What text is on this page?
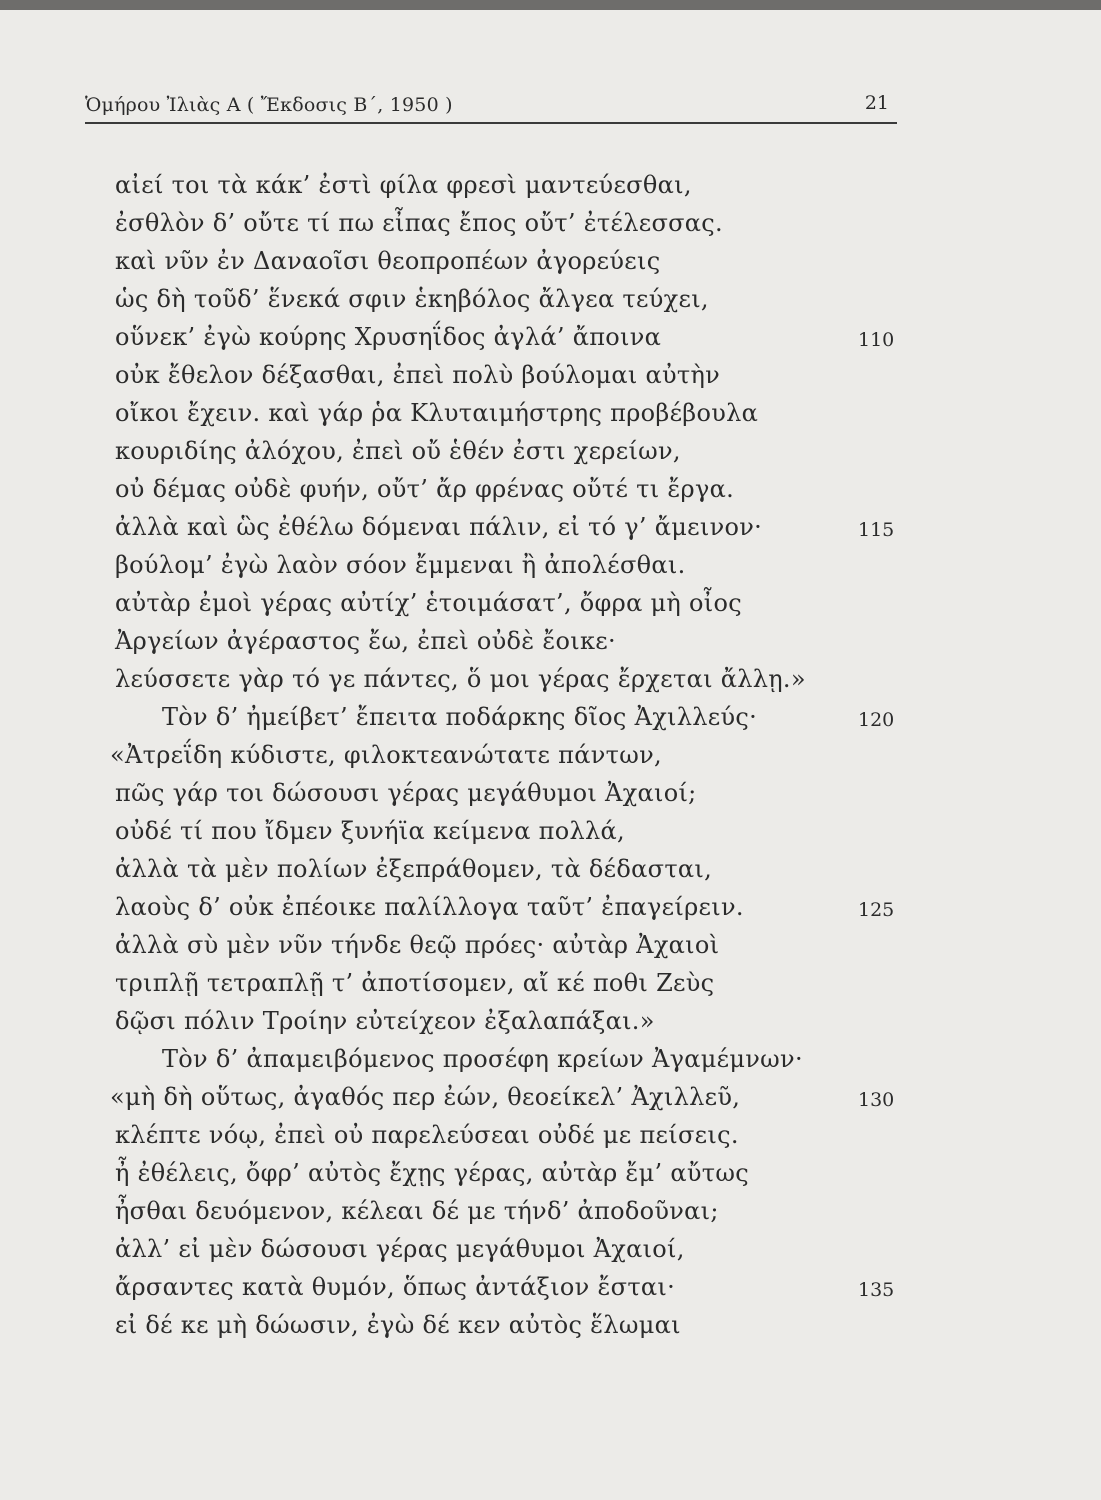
Ὁμήρου Ἰλιὰς Α ( Ἔκδοσις Β΄, 1950 )	21
αἰεί τοι τὰ κάκ’ ἐστὶ φίλα φρεσὶ μαντεύεσθαι,
ἐσθλὸν δ’ οὔτε τί πω εἶπας ἔπος οὔτ’ ἐτέλεσσας.
καὶ νῦν ἐν Δαναοῖσι θεοπροπέων ἀγορεύεις
ὡς δὴ τοῦδ’ ἕνεκά σφιν ἑκηβόλος ἄλγεα τεύχει,
οὕνεκ’ ἐγὼ κούρης Χρυσηΐδος ἀγλά’ ἄποινα
οὐκ ἔθελον δέξασθαι, ἐπεὶ πολὺ βούλομαι αὐτὴν
οἴκοι ἔχειν. καὶ γάρ ῥα Κλυταιμήστρης προβέβουλα
κουριδίης ἀλόχου, ἐπεὶ οὔ ἑθέν ἐστι χερείων,
οὐ δέμας οὐδὲ φυήν, οὔτ’ ἄρ φρένας οὔτέ τι ἔργα.
ἀλλὰ καὶ ὣς ἐθέλω δόμεναι πάλιν, εἰ τό γ’ ἄμεινον·
βούλομ’ ἐγὼ λαὸν σόον ἔμμεναι ἢ ἀπολέσθαι.
αὐτὰρ ἐμοὶ γέρας αὐτίχ’ ἑτοιμάσατ’, ὄφρα μὴ οἶος
Ἀργείων ἀγέραστος ἔω, ἐπεὶ οὐδὲ ἔοικε·
λεύσσετε γὰρ τό γε πάντες, ὅ μοι γέρας ἔρχεται ἄλλῃ.»
Τὸν δ’ ἠμείβετ’ ἔπειτα ποδάρκης δῖος Ἀχιλλεύς·
«Ἀτρεΐδη κύδιστε, φιλοκτεανώτατε πάντων,
πῶς γάρ τοι δώσουσι γέρας μεγάθυμοι Ἀχαιοί;
οὐδέ τί που ἴδμεν ξυνήϊα κείμενα πολλά,
ἀλλὰ τὰ μὲν πολίων ἐξεπράθομεν, τὰ δέδασται,
λαοὺς δ’ οὐκ ἐπέοικε παλίλλογα ταῦτ’ ἐπαγείρειν.
ἀλλὰ σὺ μὲν νῦν τήνδε θεῷ πρόες· αὐτὰρ Ἀχαιοὶ
τριπλῇ τετραπλῇ τ’ ἀποτίσομεν, αἴ κέ ποθι Ζεὺς
δῷσι πόλιν Τροίην εὐτείχεον ἐξαλαπάξαι.»
Τὸν δ’ ἀπαμειβόμενος προσέφη κρείων Ἀγαμέμνων·
«μὴ δὴ οὕτως, ἀγαθός περ ἐών, θεοείκελ’ Ἀχιλλεῦ,
κλέπτε νόῳ, ἐπεὶ οὐ παρελεύσεαι οὐδέ με πείσεις.
ἦ ἐθέλεις, ὄφρ’ αὐτὸς ἔχῃς γέρας, αὐτὰρ ἔμ’ αὔτως
ἦσθαι δευόμενον, κέλεαι δέ με τήνδ’ ἀποδοῦναι;
ἀλλ’ εἰ μὲν δώσουσι γέρας μεγάθυμοι Ἀχαιοί,
ἄρσαντες κατὰ θυμόν, ὅπως ἀντάξιον ἔσται·
εἰ δέ κε μὴ δώωσιν, ἐγὼ δέ κεν αὐτὸς ἕλωμαι
110
115
120
125
130
135
